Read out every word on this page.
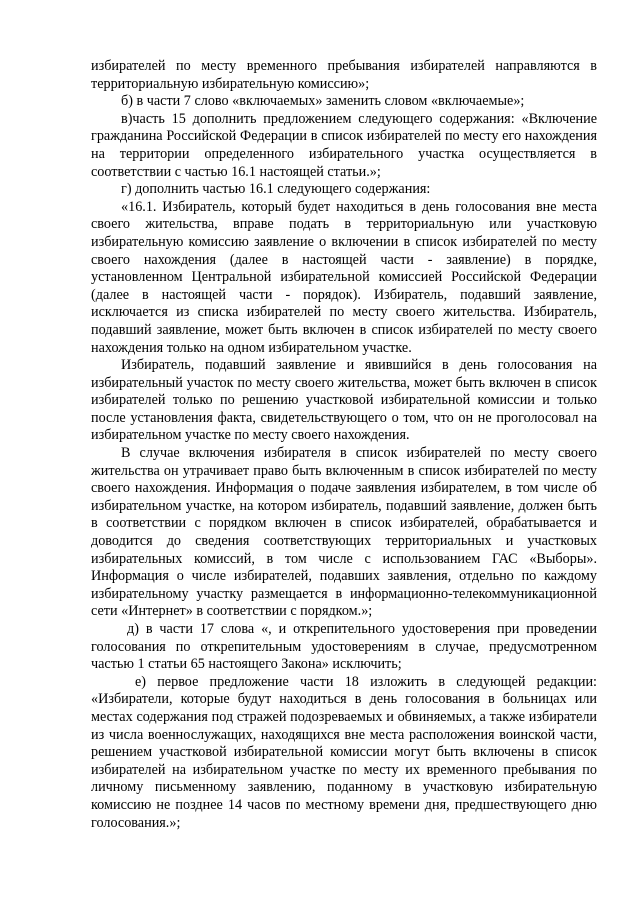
избирателей по месту временного пребывания избирателей направляются в территориальную избирательную комиссию»;

б) в части 7 слово «включаемых» заменить словом «включаемые»;

в)часть 15 дополнить предложением следующего содержания: «Включение гражданина Российской Федерации в список избирателей по месту его нахождения на территории определенного избирательного участка осуществляется в соответствии с частью 16.1 настоящей статьи.»;

г) дополнить частью 16.1 следующего содержания:

«16.1. Избиратель, который будет находиться в день голосования вне места своего жительства, вправе подать в территориальную или участковую избирательную комиссию заявление о включении в список избирателей по месту своего нахождения (далее в настоящей части - заявление) в порядке, установленном Центральной избирательной комиссией Российской Федерации (далее в настоящей части - порядок). Избиратель, подавший заявление, исключается из списка избирателей по месту своего жительства. Избиратель, подавший заявление, может быть включен в список избирателей по месту своего нахождения только на одном избирательном участке.

Избиратель, подавший заявление и явившийся в день голосования на избирательный участок по месту своего жительства, может быть включен в список избирателей только по решению участковой избирательной комиссии и только после установления факта, свидетельствующего о том, что он не проголосовал на избирательном участке по месту своего нахождения.

В случае включения избирателя в список избирателей по месту своего жительства он утрачивает право быть включенным в список избирателей по месту своего нахождения. Информация о подаче заявления избирателем, в том числе об избирательном участке, на котором избиратель, подавший заявление, должен быть в соответствии с порядком включен в список избирателей, обрабатывается и доводится до сведения соответствующих территориальных и участковых избирательных комиссий, в том числе с использованием ГАС «Выборы». Информация о числе избирателей, подавших заявления, отдельно по каждому избирательному участку размещается в информационно-телекоммуникационной сети «Интернет» в соответствии с порядком.»;

д) в части 17 слова «, и открепительного удостоверения при проведении голосования по открепительным удостоверениям в случае, предусмотренном частью 1 статьи 65 настоящего Закона» исключить;

е) первое предложение части 18 изложить в следующей редакции: «Избиратели, которые будут находиться в день голосования в больницах или местах содержания под стражей подозреваемых и обвиняемых, а также избиратели из числа военнослужащих, находящихся вне места расположения воинской части, решением участковой избирательной комиссии могут быть включены в список избирателей на избирательном участке по месту их временного пребывания по личному письменному заявлению, поданному в участковую избирательную комиссию не позднее 14 часов по местному времени дня, предшествующего дню голосования.»;
